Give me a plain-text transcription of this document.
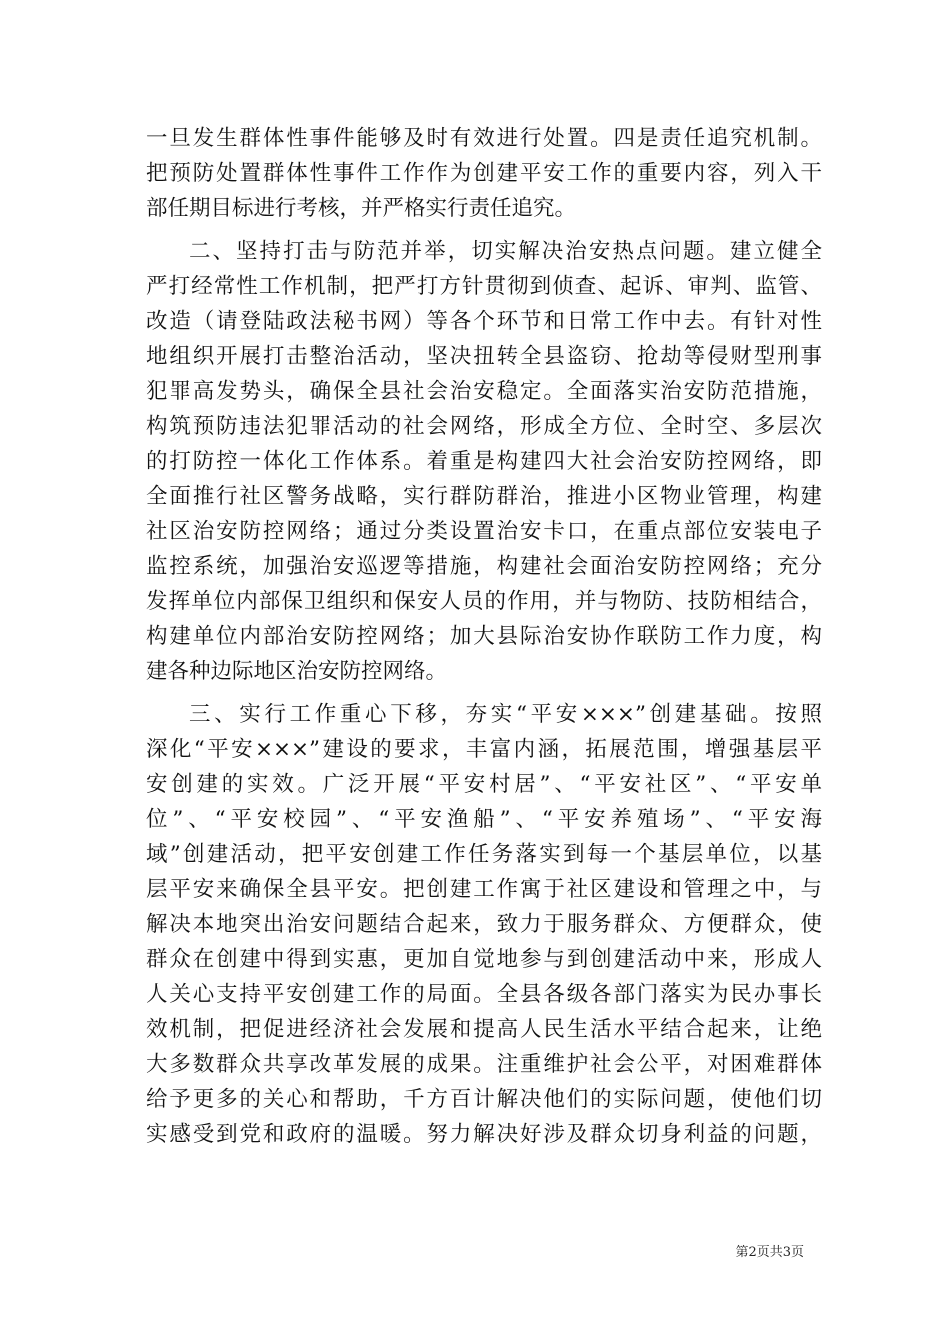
一旦发生群体性事件能够及时有效进行处置。四是责任追究机制。
把预防处置群体性事件工作作为创建平安工作的重要内容，列入干
部任期目标进行考核，并严格实行责任追究。
二、坚持打击与防范并举，切实解决治安热点问题。建立健全
严打经常性工作机制，把严打方针贯彻到侦查、起诉、审判、监管、
改造（请登陆政法秘书网）等各个环节和日常工作中去。有针对性
地组织开展打击整治活动，坚决扭转全县盗窃、抢劫等侵财型刑事
犯罪高发势头，确保全县社会治安稳定。全面落实治安防范措施，
构筑预防违法犯罪活动的社会网络，形成全方位、全时空、多层次
的打防控一体化工作体系。着重是构建四大社会治安防控网络，即
全面推行社区警务战略，实行群防群治，推进小区物业管理，构建
社区治安防控网络；通过分类设置治安卡口，在重点部位安装电子
监控系统，加强治安巡逻等措施，构建社会面治安防控网络；充分
发挥单位内部保卫组织和保安人员的作用，并与物防、技防相结合，
构建单位内部治安防控网络；加大县际治安协作联防工作力度，构
建各种边际地区治安防控网络。
三、实行工作重心下移，夯实“平安×××”创建基础。按照
深化“平安×××”建设的要求，丰富内涵，拓展范围，增强基层平
安创建的实效。广泛开展“平安村居”、“平安社区”、“平安单
位”、“平安校园”、“平安渔船”、“平安养殖场”、“平安海
域”创建活动，把平安创建工作任务落实到每一个基层单位，以基
层平安来确保全县平安。把创建工作寓于社区建设和管理之中，与
解决本地突出治安问题结合起来，致力于服务群众、方便群众，使
群众在创建中得到实惠，更加自觉地参与到创建活动中来，形成人
人关心支持平安创建工作的局面。全县各级各部门落实为民办事长
效机制，把促进经济社会发展和提高人民生活水平结合起来，让绝
大多数群众共享改革发展的成果。注重维护社会公平，对困难群体
给予更多的关心和帮助，千方百计解决他们的实际问题，使他们切
实感受到党和政府的温暖。努力解决好涉及群众切身利益的问题，
第2页共3页
